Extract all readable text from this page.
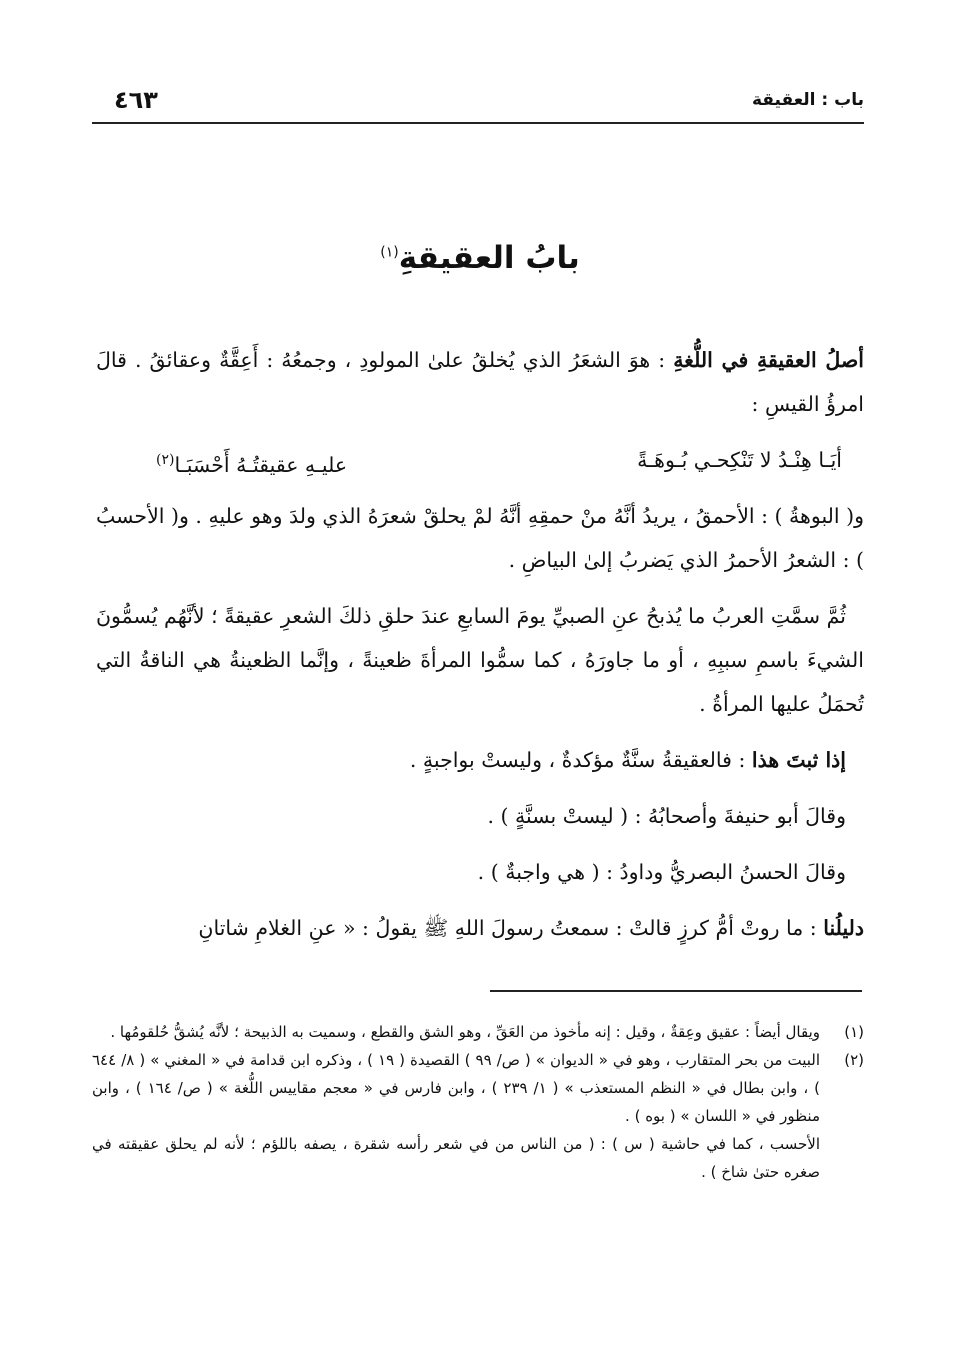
باب : العقيقة
٤٦٣
بابُ العقيقةِ$^{(١)}$

أصلُ العقيقةِ في اللُّغةِ : هوَ الشعَرُ الذي يُخلقُ علىٰ المولودِ ، وجمعُهُ : أَعِقَّةٌ وعقائقُ . قالَ امرؤُ القيسِ :

أيَـا هِنْـدُ لا تَنْكِحـي بُـوهَـةً
عليـهِ عقيقتُـهُ أَحْسَبَـا$^{(٢)}$

و( البوهةُ ) : الأحمقُ ، يريدُ أنَّهُ منْ حمقِهِ أنَّهُ لمْ يحلقْ شعرَهُ الذي ولدَ وهو عليهِ . و( الأحسبُ ) : الشعرُ الأحمرُ الذي يَضربُ إلىٰ البياضِ .

ثُمَّ سمَّتِ العربُ ما يُذبحُ عنِ الصبيِّ يومَ السابعِ عندَ حلقِ ذلكَ الشعرِ عقيقةً ؛ لأنَّهُم يُسمُّونَ الشيءَ باسمِ سببِهِ ، أو ما جاورَهُ ، كما سمُّوا المرأةَ ظعينةً ، وإنَّما الظعينةُ هي الناقةُ التي تُحمَلُ عليها المرأةُ .

إذا ثبتَ هذا : فالعقيقةُ سنَّةٌ مؤكدةٌ ، وليستْ بواجبةٍ .

وقالَ أبو حنيفةَ وأصحابُهُ : ( ليستْ بسنَّةٍ ) .

وقالَ الحسنُ البصريُّ وداودُ : ( هي واجبةٌ ) .

دليلُنا : ما روتْ أمُّ كرزٍ قالتْ : سمعتُ رسولَ اللهِ ﷺ يقولُ : « عنِ الغلامِ شاتانِ

(١)
ويقال أيضاً : عقيق وعِقةٌ ، وقيل : إنه مأخوذ من العَقِّ ، وهو الشق والقطع ، وسميت به الذبيحة ؛ لأنَّه يُشقُّ حُلقومُها .
(٢)
البيت من بحر المتقارب ، وهو في « الديوان » ( ص/ ٩٩ ) القصيدة ( ١٩ ) ، وذكره ابن قدامة في « المغني » ( ٨/ ٦٤٤ ) ، وابن بطال في « النظم المستعذب » ( ١/ ٢٣٩ ) ، وابن فارس في « معجم مقاييس اللُّغة » ( ص/ ١٦٤ ) ، وابن منظور في « اللسان » ( بوه ) .

الأحسب ، كما في حاشية ( س ) : ( من الناس من في شعر رأسه شقرة ، يصفه باللؤم ؛ لأنه لم يحلق عقيقته في صغره حتىٰ شاخ ) .
